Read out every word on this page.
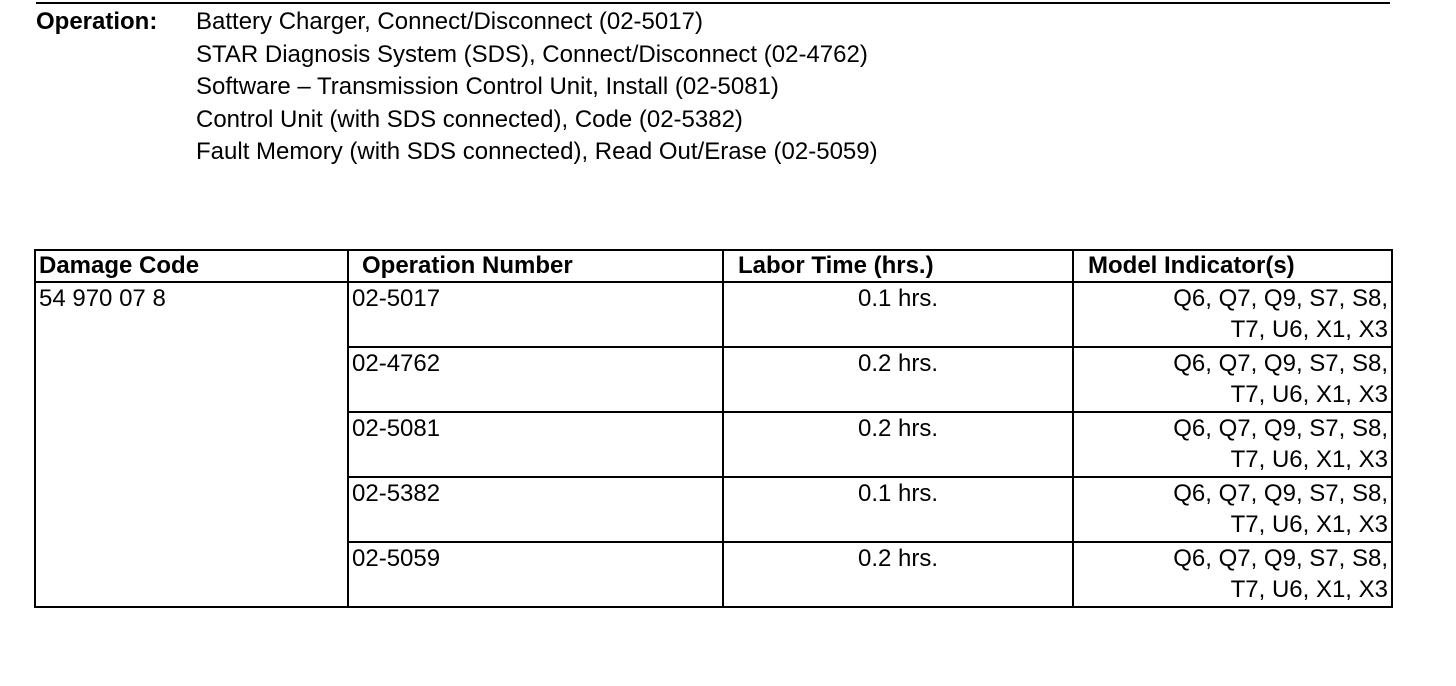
Operation: Battery Charger, Connect/Disconnect (02-5017)
STAR Diagnosis System (SDS), Connect/Disconnect (02-4762)
Software – Transmission Control Unit, Install (02-5081)
Control Unit (with SDS connected), Code (02-5382)
Fault Memory (with SDS connected), Read Out/Erase (02-5059)
Damage Code	Operation Number	Labor Time (hrs.)	Model Indicator(s)
54 970 07 8	02-5017	0.1 hrs.	Q6, Q7, Q9, S7, S8,
T7, U6, X1, X3

	02-4762	0.2 hrs.	Q6, Q7, Q9, S7, S8,
T7, U6, X1, X3

	02-5081	0.2 hrs.	Q6, Q7, Q9, S7, S8,
T7, U6, X1, X3

	02-5382	0.1 hrs.	Q6, Q7, Q9, S7, S8,
T7, U6, X1, X3

	02-5059	0.2 hrs.	Q6, Q7, Q9, S7, S8,
T7, U6, X1, X3
